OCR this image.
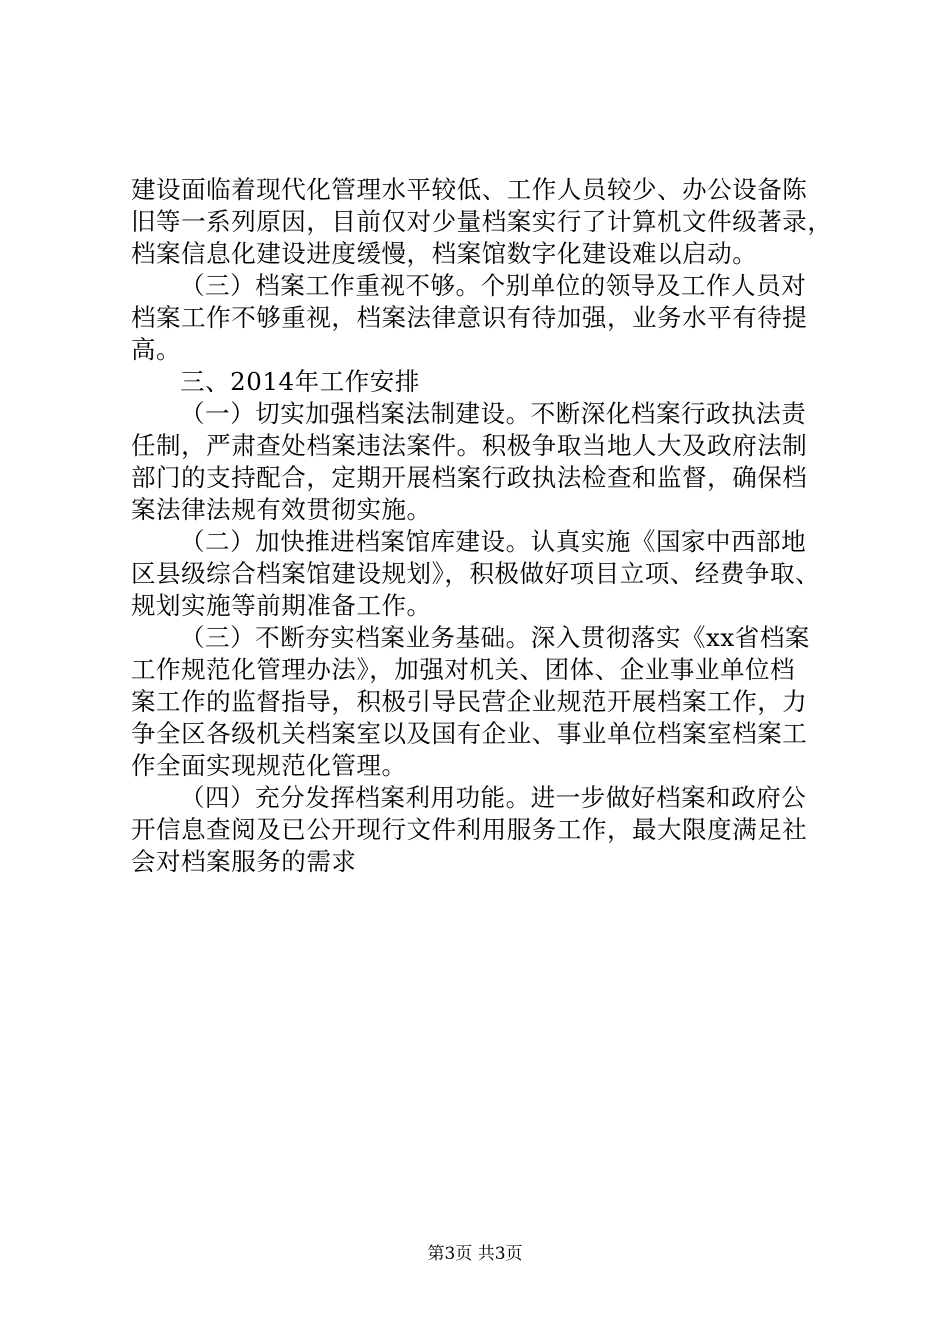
建设面临着现代化管理水平较低、工作人员较少、办公设备陈
旧等一系列原因，目前仅对少量档案实行了计算机文件级著录，
档案信息化建设进度缓慢，档案馆数字化建设难以启动。
（三）档案工作重视不够。个别单位的领导及工作人员对
档案工作不够重视，档案法律意识有待加强，业务水平有待提
高。
三、2014年工作安排
（一）切实加强档案法制建设。不断深化档案行政执法责
任制，严肃查处档案违法案件。积极争取当地人大及政府法制
部门的支持配合，定期开展档案行政执法检查和监督，确保档
案法律法规有效贯彻实施。
（二）加快推进档案馆库建设。认真实施《国家中西部地
区县级综合档案馆建设规划》，积极做好项目立项、经费争取、
规划实施等前期准备工作。
（三）不断夯实档案业务基础。深入贯彻落实《xx省档案
工作规范化管理办法》，加强对机关、团体、企业事业单位档
案工作的监督指导，积极引导民营企业规范开展档案工作，力
争全区各级机关档案室以及国有企业、事业单位档案室档案工
作全面实现规范化管理。
（四）充分发挥档案利用功能。进一步做好档案和政府公
开信息查阅及已公开现行文件利用服务工作，最大限度满足社
会对档案服务的需求
第3页 共3页
